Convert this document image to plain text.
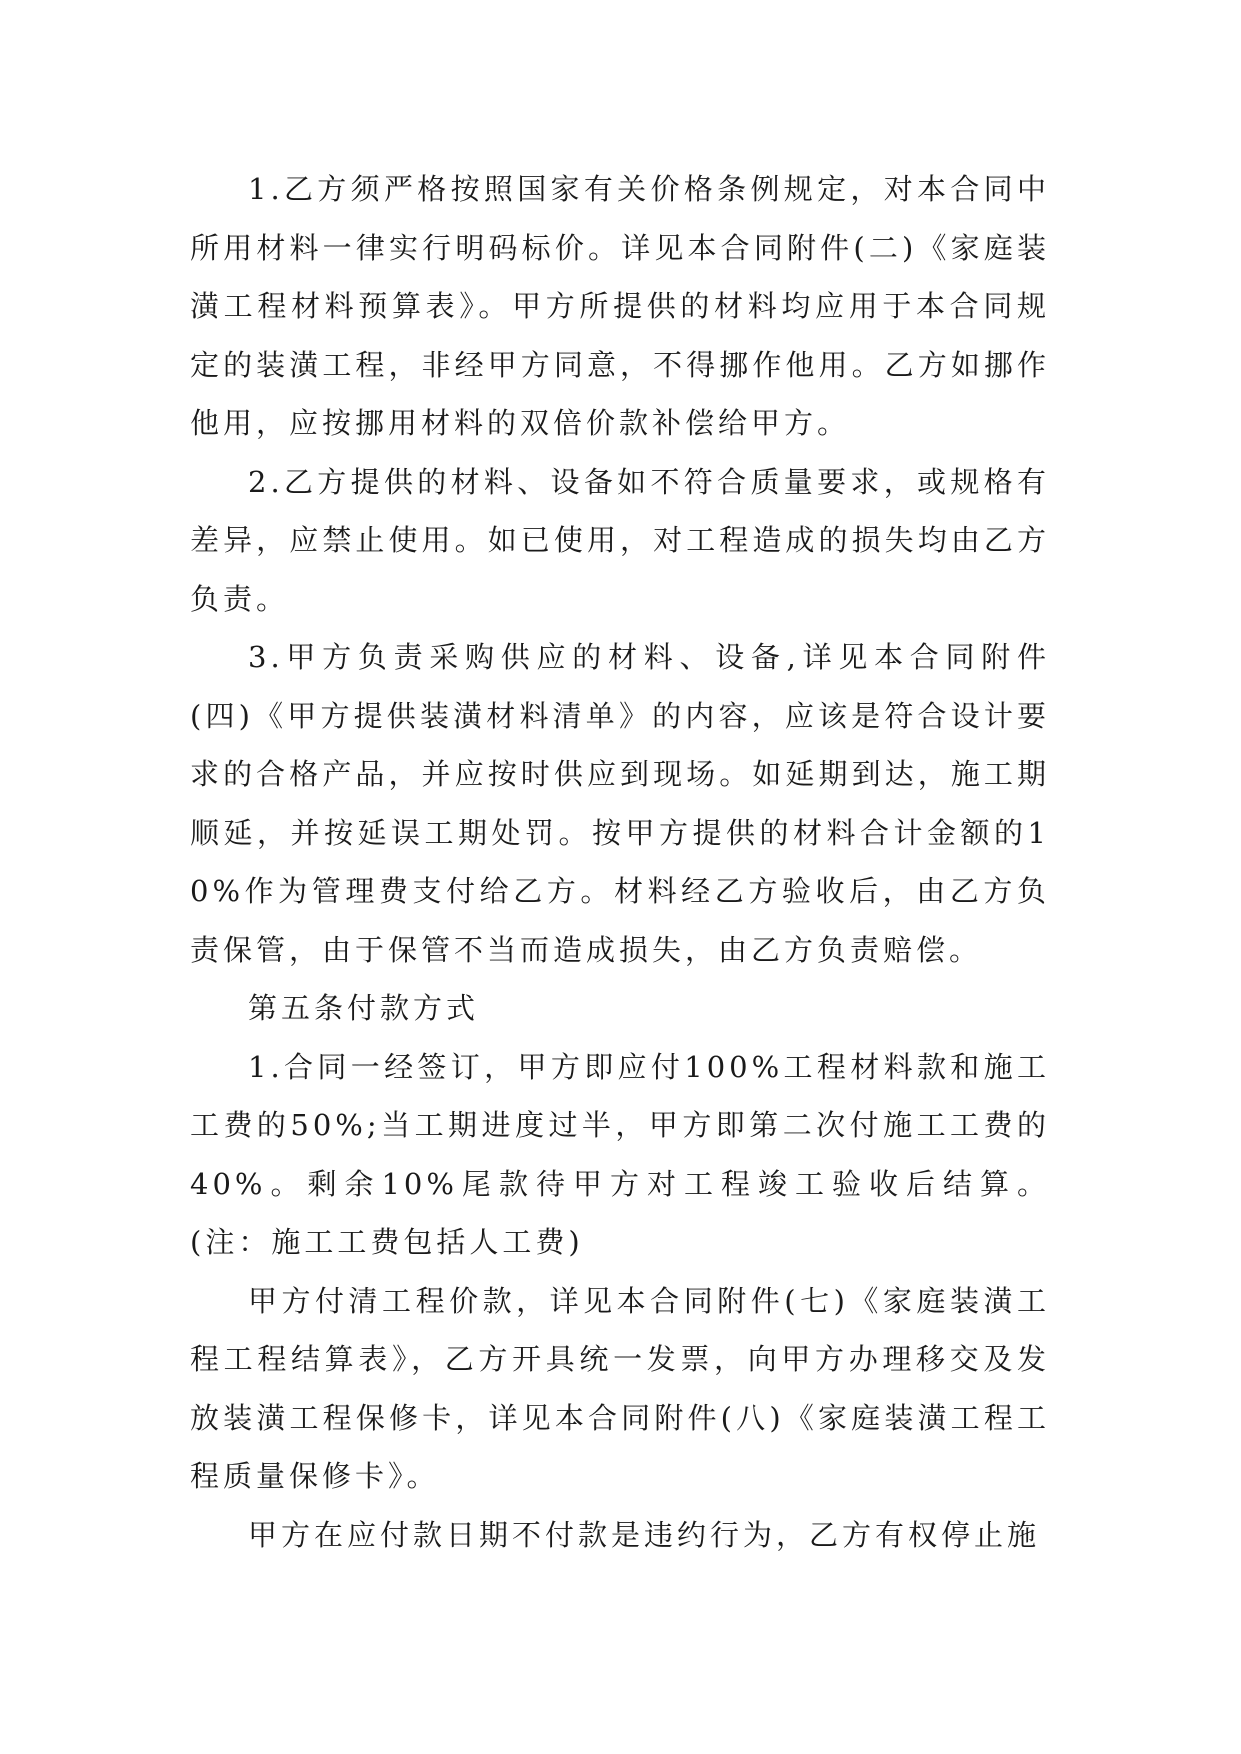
1.乙方须严格按照国家有关价格条例规定，对本合同中所用材料一律实行明码标价。详见本合同附件(二)《家庭装潢工程材料预算表》。甲方所提供的材料均应用于本合同规定的装潢工程，非经甲方同意，不得挪作他用。乙方如挪作他用，应按挪用材料的双倍价款补偿给甲方。

2.乙方提供的材料、设备如不符合质量要求，或规格有差异，应禁止使用。如已使用，对工程造成的损失均由乙方负责。

3.甲方负责采购供应的材料、设备,详见本合同附件(四)《甲方提供装潢材料清单》的内容，应该是符合设计要求的合格产品，并应按时供应到现场。如延期到达，施工期顺延，并按延误工期处罚。按甲方提供的材料合计金额的10%作为管理费支付给乙方。材料经乙方验收后，由乙方负责保管，由于保管不当而造成损失，由乙方负责赔偿。

第五条付款方式

1.合同一经签订，甲方即应付100%工程材料款和施工工费的50%;当工期进度过半，甲方即第二次付施工工费的40%。剩余10%尾款待甲方对工程竣工验收后结算。(注：施工工费包括人工费)

甲方付清工程价款，详见本合同附件(七)《家庭装潢工程工程结算表》，乙方开具统一发票，向甲方办理移交及发放装潢工程保修卡，详见本合同附件(八)《家庭装潢工程工程质量保修卡》。

甲方在应付款日期不付款是违约行为，乙方有权停止施
